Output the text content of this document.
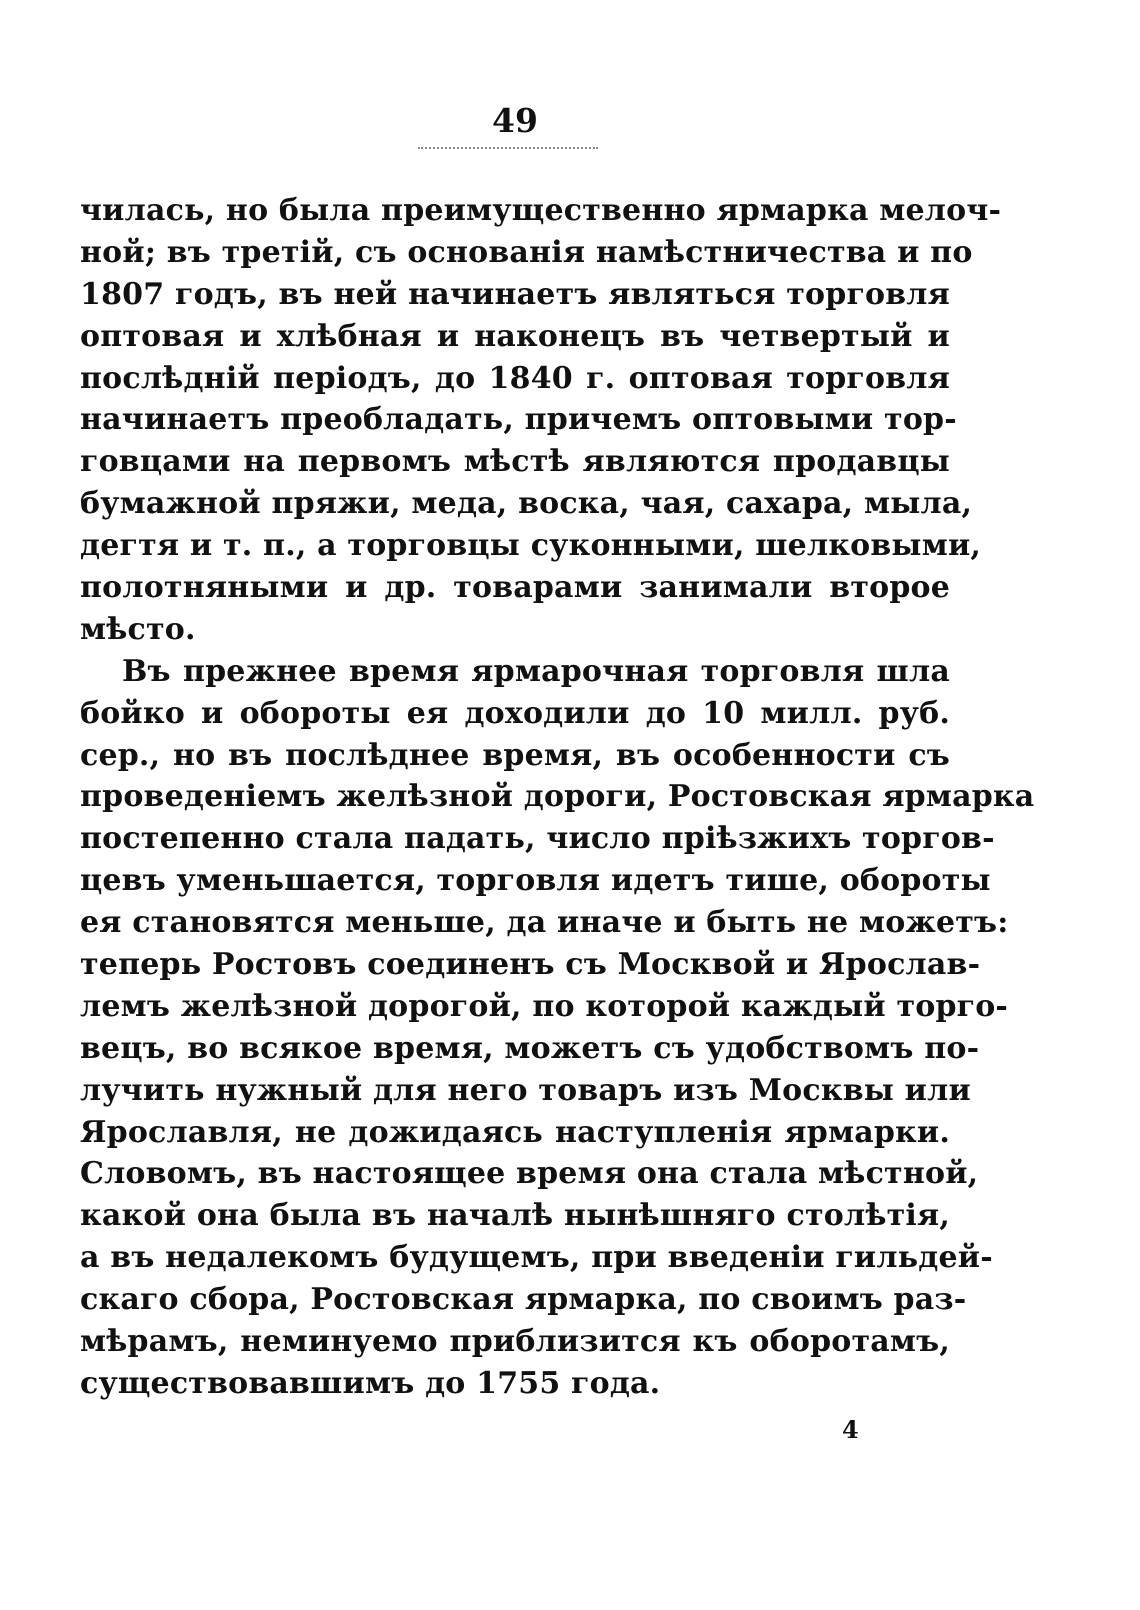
49
чилась, но была преимущественно ярмарка мелоч-
ной; въ третій, съ основанія намѣстничества и по
1807 годъ, въ ней начинаетъ являться торговля
оптовая и хлѣбная и наконецъ въ четвертый и
послѣдній періодъ, до 1840 г. оптовая торговля
начинаетъ преобладать, причемъ оптовыми тор-
говцами на первомъ мѣстѣ являются продавцы
бумажной пряжи, меда, воска, чая, сахара, мыла,
дегтя и т. п., а торговцы суконными, шелковыми,
полотняными и др. товарами занимали второе
мѣсто.
Въ прежнее время ярмарочная торговля шла
бойко и обороты ея доходили до 10 милл. руб.
сер., но въ послѣднее время, въ особенности съ
проведеніемъ желѣзной дороги, Ростовская ярмарка
постепенно стала падать, число пріѣзжихъ торгов-
цевъ уменьшается, торговля идетъ тише, обороты
ея становятся меньше, да иначе и быть не можетъ:
теперь Ростовъ соединенъ съ Москвой и Ярослав-
лемъ желѣзной дорогой, по которой каждый торго-
вецъ, во всякое время, можетъ съ удобствомъ по-
лучить нужный для него товаръ изъ Москвы или
Ярославля, не дожидаясь наступленія ярмарки.
Словомъ, въ настоящее время она стала мѣстной,
какой она была въ началѣ нынѣшняго столѣтія,
а въ недалекомъ будущемъ, при введеніи гильдей-
скаго сбора, Ростовская ярмарка, по своимъ раз-
мѣрамъ, неминуемо приблизится къ оборотамъ,
существовавшимъ до 1755 года.
4
